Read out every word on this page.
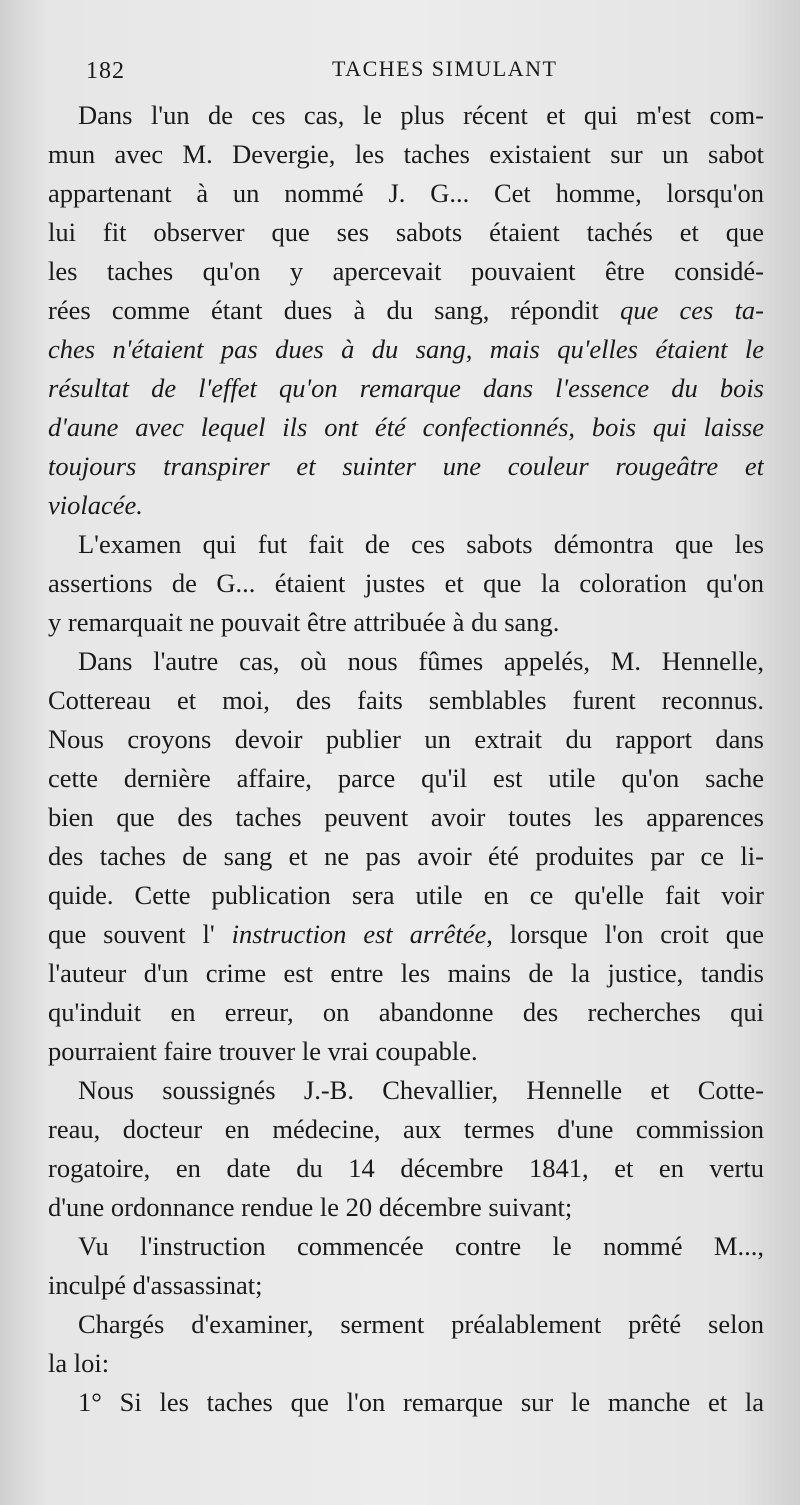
182	TACHES SIMULANT
Dans l'un de ces cas, le plus récent et qui m'est com-
mun avec M. Devergie, les taches existaient sur un sabot
appartenant à un nommé J. G... Cet homme, lorsqu'on
lui fit observer que ses sabots étaient tachés et que
les taches qu'on y apercevait pouvaient être considé-
rées comme étant dues à du sang, répondit que ces ta-
ches n'étaient pas dues à du sang, mais qu'elles étaient le
résultat de l'effet qu'on remarque dans l'essence du bois
d'aune avec lequel ils ont été confectionnés, bois qui laisse
toujours transpirer et suinter une couleur rougeâtre et
violacée.
L'examen qui fut fait de ces sabots démontra que les
assertions de G... étaient justes et que la coloration qu'on
y remarquait ne pouvait être attribuée à du sang.
Dans l'autre cas, où nous fûmes appelés, M. Hennelle,
Cottereau et moi, des faits semblables furent reconnus.
Nous croyons devoir publier un extrait du rapport dans
cette dernière affaire, parce qu'il est utile qu'on sache
bien que des taches peuvent avoir toutes les apparences
des taches de sang et ne pas avoir été produites par ce li-
quide. Cette publication sera utile en ce qu'elle fait voir
que souvent l' instruction est arrêtée, lorsque l'on croit que
l'auteur d'un crime est entre les mains de la justice, tandis
qu'induit en erreur, on abandonne des recherches qui
pourraient faire trouver le vrai coupable.
Nous soussignés J.-B. Chevallier, Hennelle et Cotte-
reau, docteur en médecine, aux termes d'une commission
rogatoire, en date du 14 décembre 1841, et en vertu
d'une ordonnance rendue le 20 décembre suivant;
Vu l'instruction commencée contre le nommé M...,
inculpé d'assassinat;
Chargés d'examiner, serment préalablement prêté selon
la loi:
1° Si les taches que l'on remarque sur le manche et la
